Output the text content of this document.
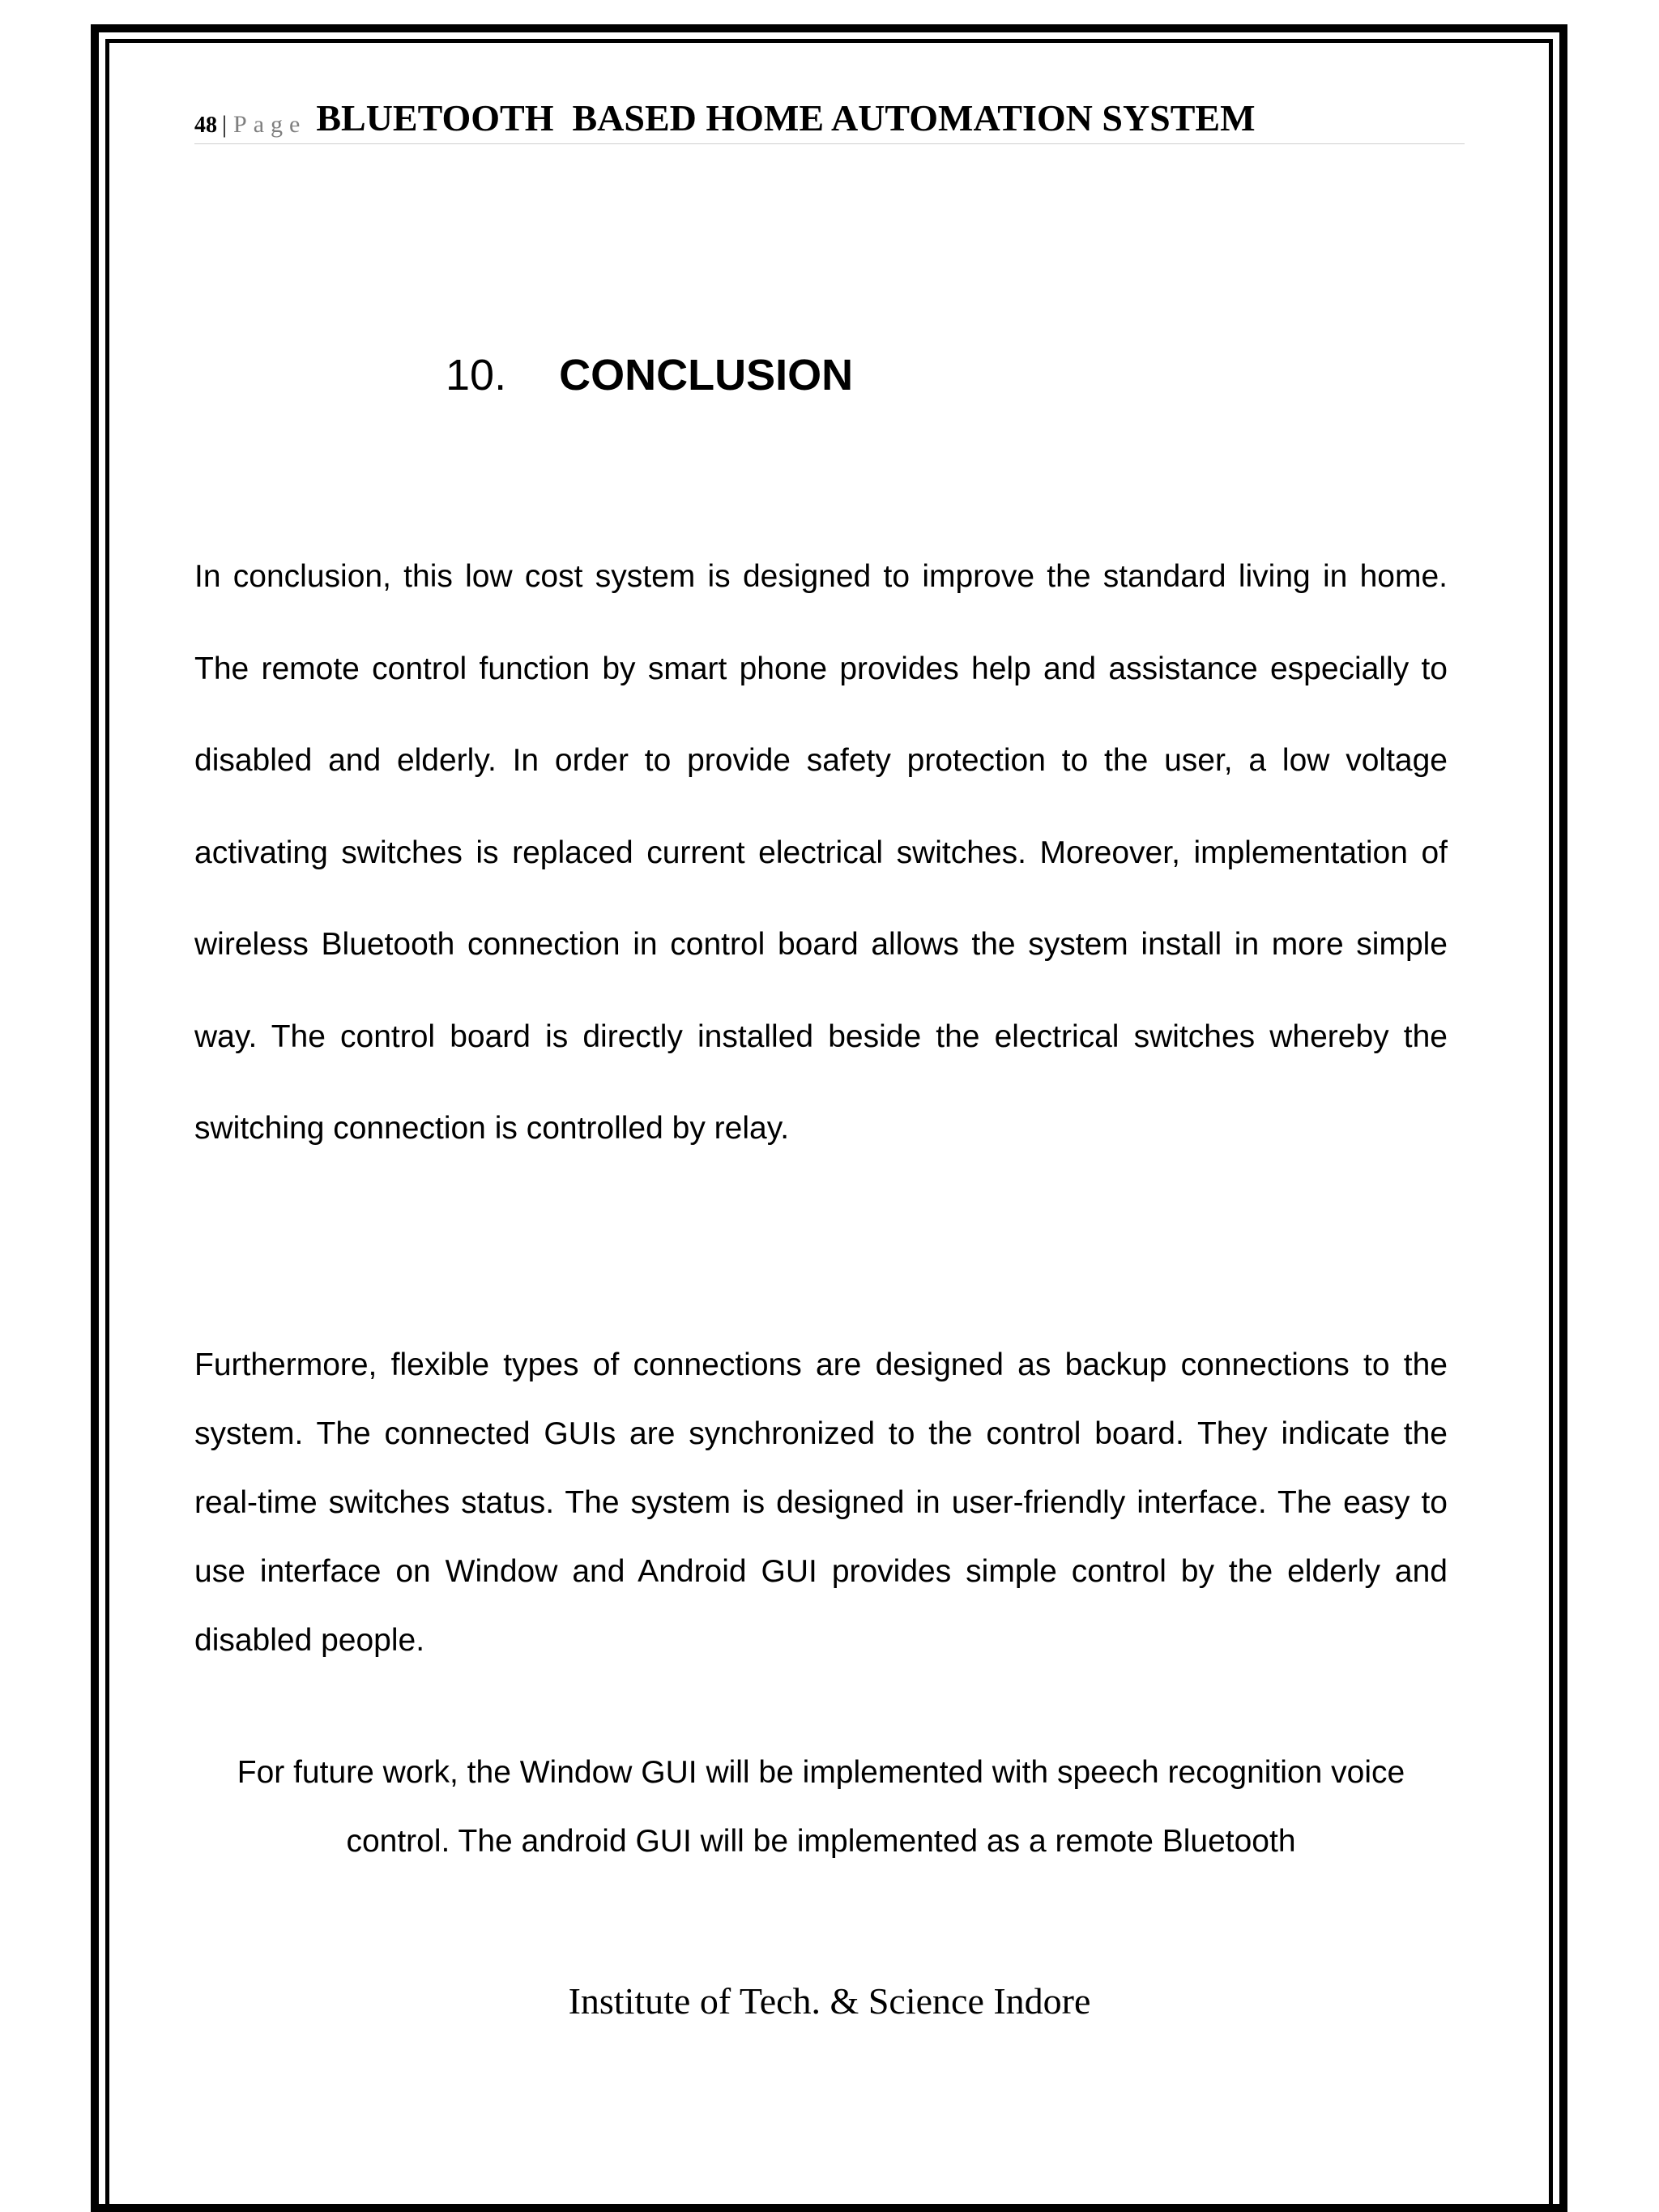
48 | Page BLUETOOTH  BASED HOME AUTOMATION SYSTEM
10. CONCLUSION

In conclusion, this low cost system is designed to improve the standard living in home. The remote control function by smart phone provides help and assistance especially to disabled and elderly. In order to provide safety protection to the user, a low voltage activating switches is replaced current electrical switches. Moreover, implementation of wireless Bluetooth connection in control board allows the system install in more simple way. The control board is directly installed beside the electrical switches whereby the switching connection is controlled by relay.

Furthermore, flexible types of connections are designed as backup connections to the system. The connected GUIs are synchronized to the control board. They indicate the real-time switches status. The system is designed in user-friendly interface. The easy to use interface on Window and Android GUI provides simple control by the elderly and disabled people.

For future work, the Window GUI will be implemented with speech recognition voice control. The android GUI will be implemented as a remote Bluetooth

Institute of Tech. & Science Indore
